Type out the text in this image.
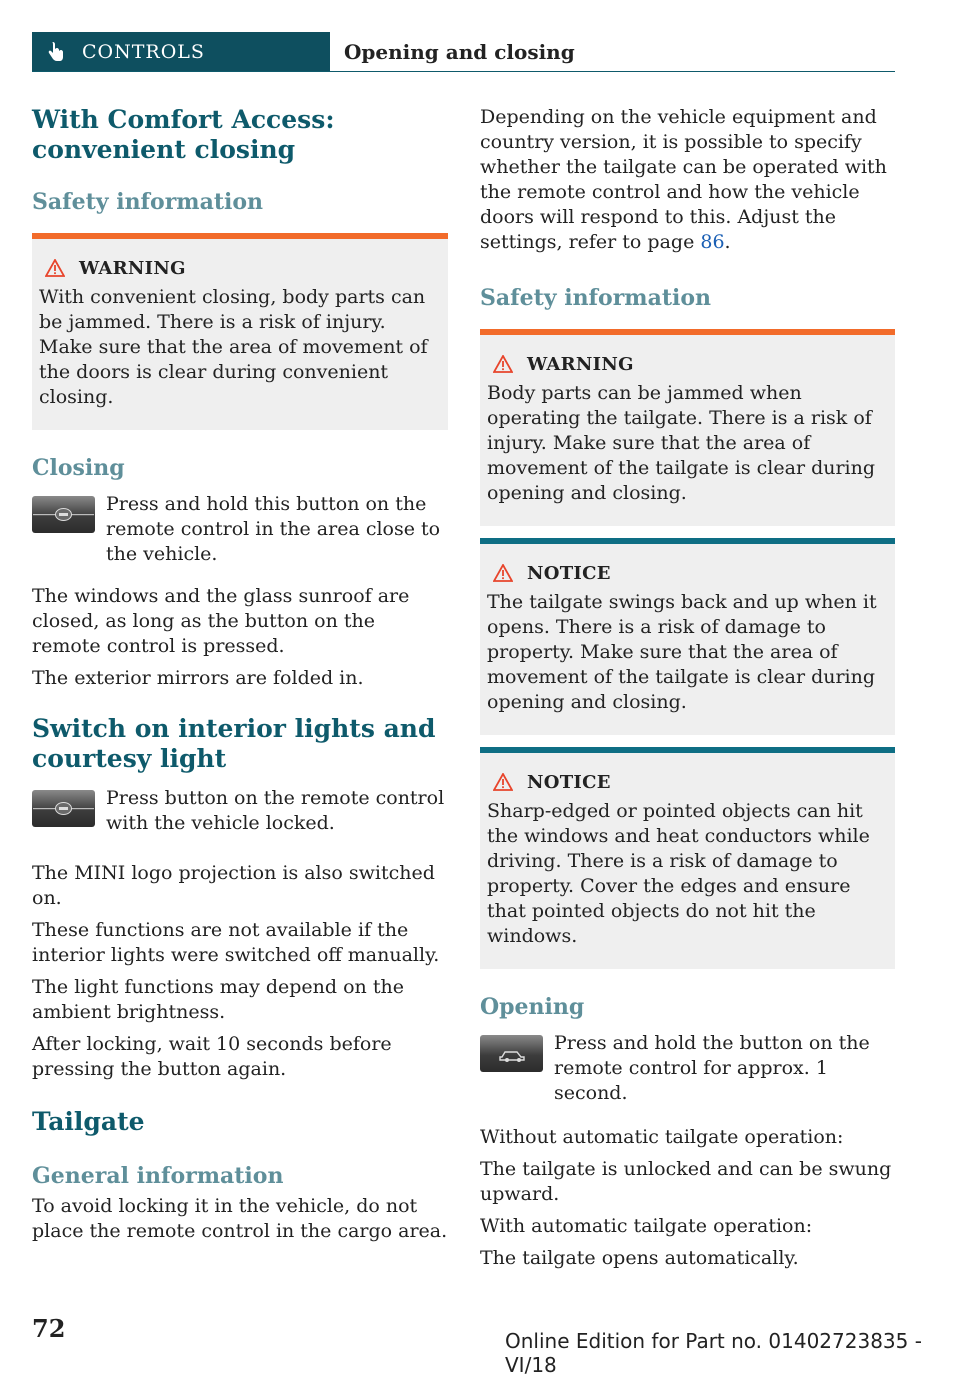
CONTROLS	Opening and closing
With Comfort Access: convenient closing
Safety information
WARNING

With convenient closing, body parts can be jammed. There is a risk of injury. Make sure that the area of movement of the doors is clear during convenient closing.

Closing

Press and hold this button on the remote control in the area close to the vehicle.

The windows and the glass sunroof are closed, as long as the button on the remote control is pressed.

The exterior mirrors are folded in.

Switch on interior lights and courtesy light

Press button on the remote control with the vehicle locked.

The MINI logo projection is also switched on.

These functions are not available if the interior lights were switched off manually.

The light functions may depend on the ambient brightness.

After locking, wait 10 seconds before pressing the button again.

Tailgate
General information

To avoid locking it in the vehicle, do not place the remote control in the cargo area.

Depending on the vehicle equipment and country version, it is possible to specify whether the tailgate can be operated with the remote control and how the vehicle doors will respond to this. Adjust the settings, refer to page 86.

Safety information
WARNING

Body parts can be jammed when operating the tailgate. There is a risk of injury. Make sure that the area of movement of the tailgate is clear during opening and closing.

NOTICE

The tailgate swings back and up when it opens. There is a risk of damage to property. Make sure that the area of movement of the tailgate is clear during opening and closing.

NOTICE

Sharp-edged or pointed objects can hit the windows and heat conductors while driving. There is a risk of damage to property. Cover the edges and ensure that pointed objects do not hit the windows.

Opening

Press and hold the button on the remote control for approx. 1 second.

Without automatic tailgate operation:

The tailgate is unlocked and can be swung upward.

With automatic tailgate operation:

The tailgate opens automatically.

72	Online Edition for Part no. 01402723835 - VI/18
